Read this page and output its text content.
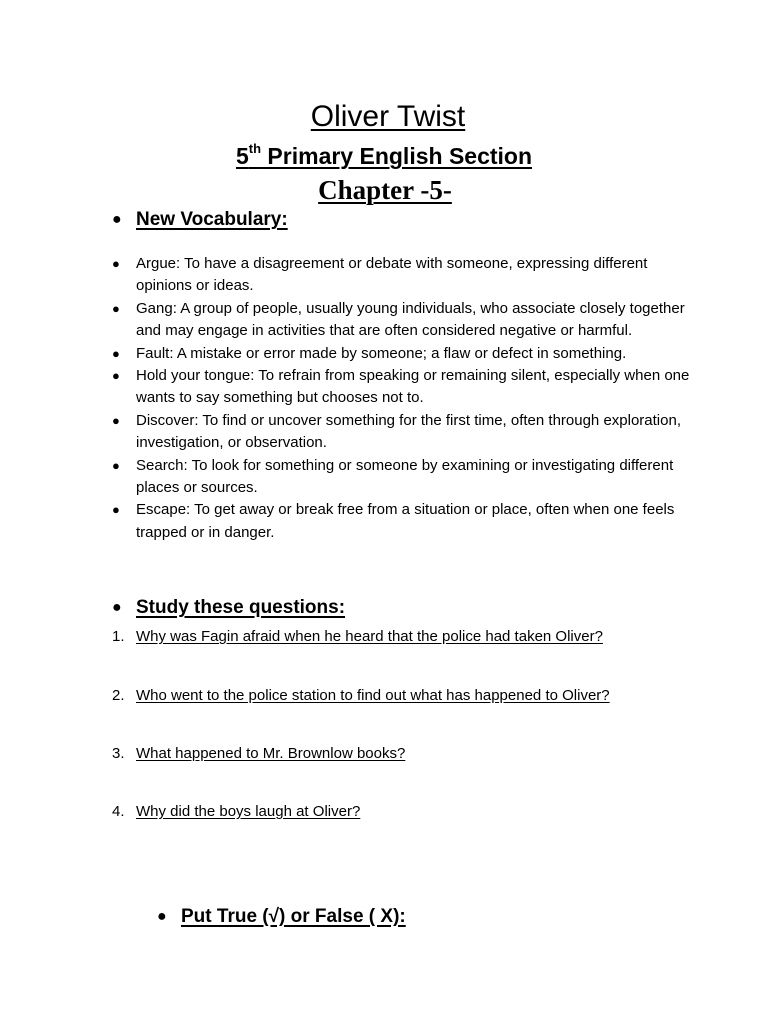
Oliver Twist
5th Primary English Section
Chapter -5-
● New Vocabulary:
● Argue: To have a disagreement or debate with someone, expressing different opinions or ideas.
● Gang: A group of people, usually young individuals, who associate closely together and may engage in activities that are often considered negative or harmful.
● Fault: A mistake or error made by someone; a flaw or defect in something.
● Hold your tongue: To refrain from speaking or remaining silent, especially when one wants to say something but chooses not to.
● Discover: To find or uncover something for the first time, often through exploration, investigation, or observation.
● Search: To look for something or someone by examining or investigating different places or sources.
● Escape: To get away or break free from a situation or place, often when one feels trapped or in danger.
● Study these questions:
1. Why was Fagin afraid when he heard that the police had taken Oliver?
2. Who went to the police station to find out what has happened to Oliver?
3. What happened to Mr. Brownlow books?
4. Why did the boys laugh at Oliver?
● Put True (√) or False ( X):
